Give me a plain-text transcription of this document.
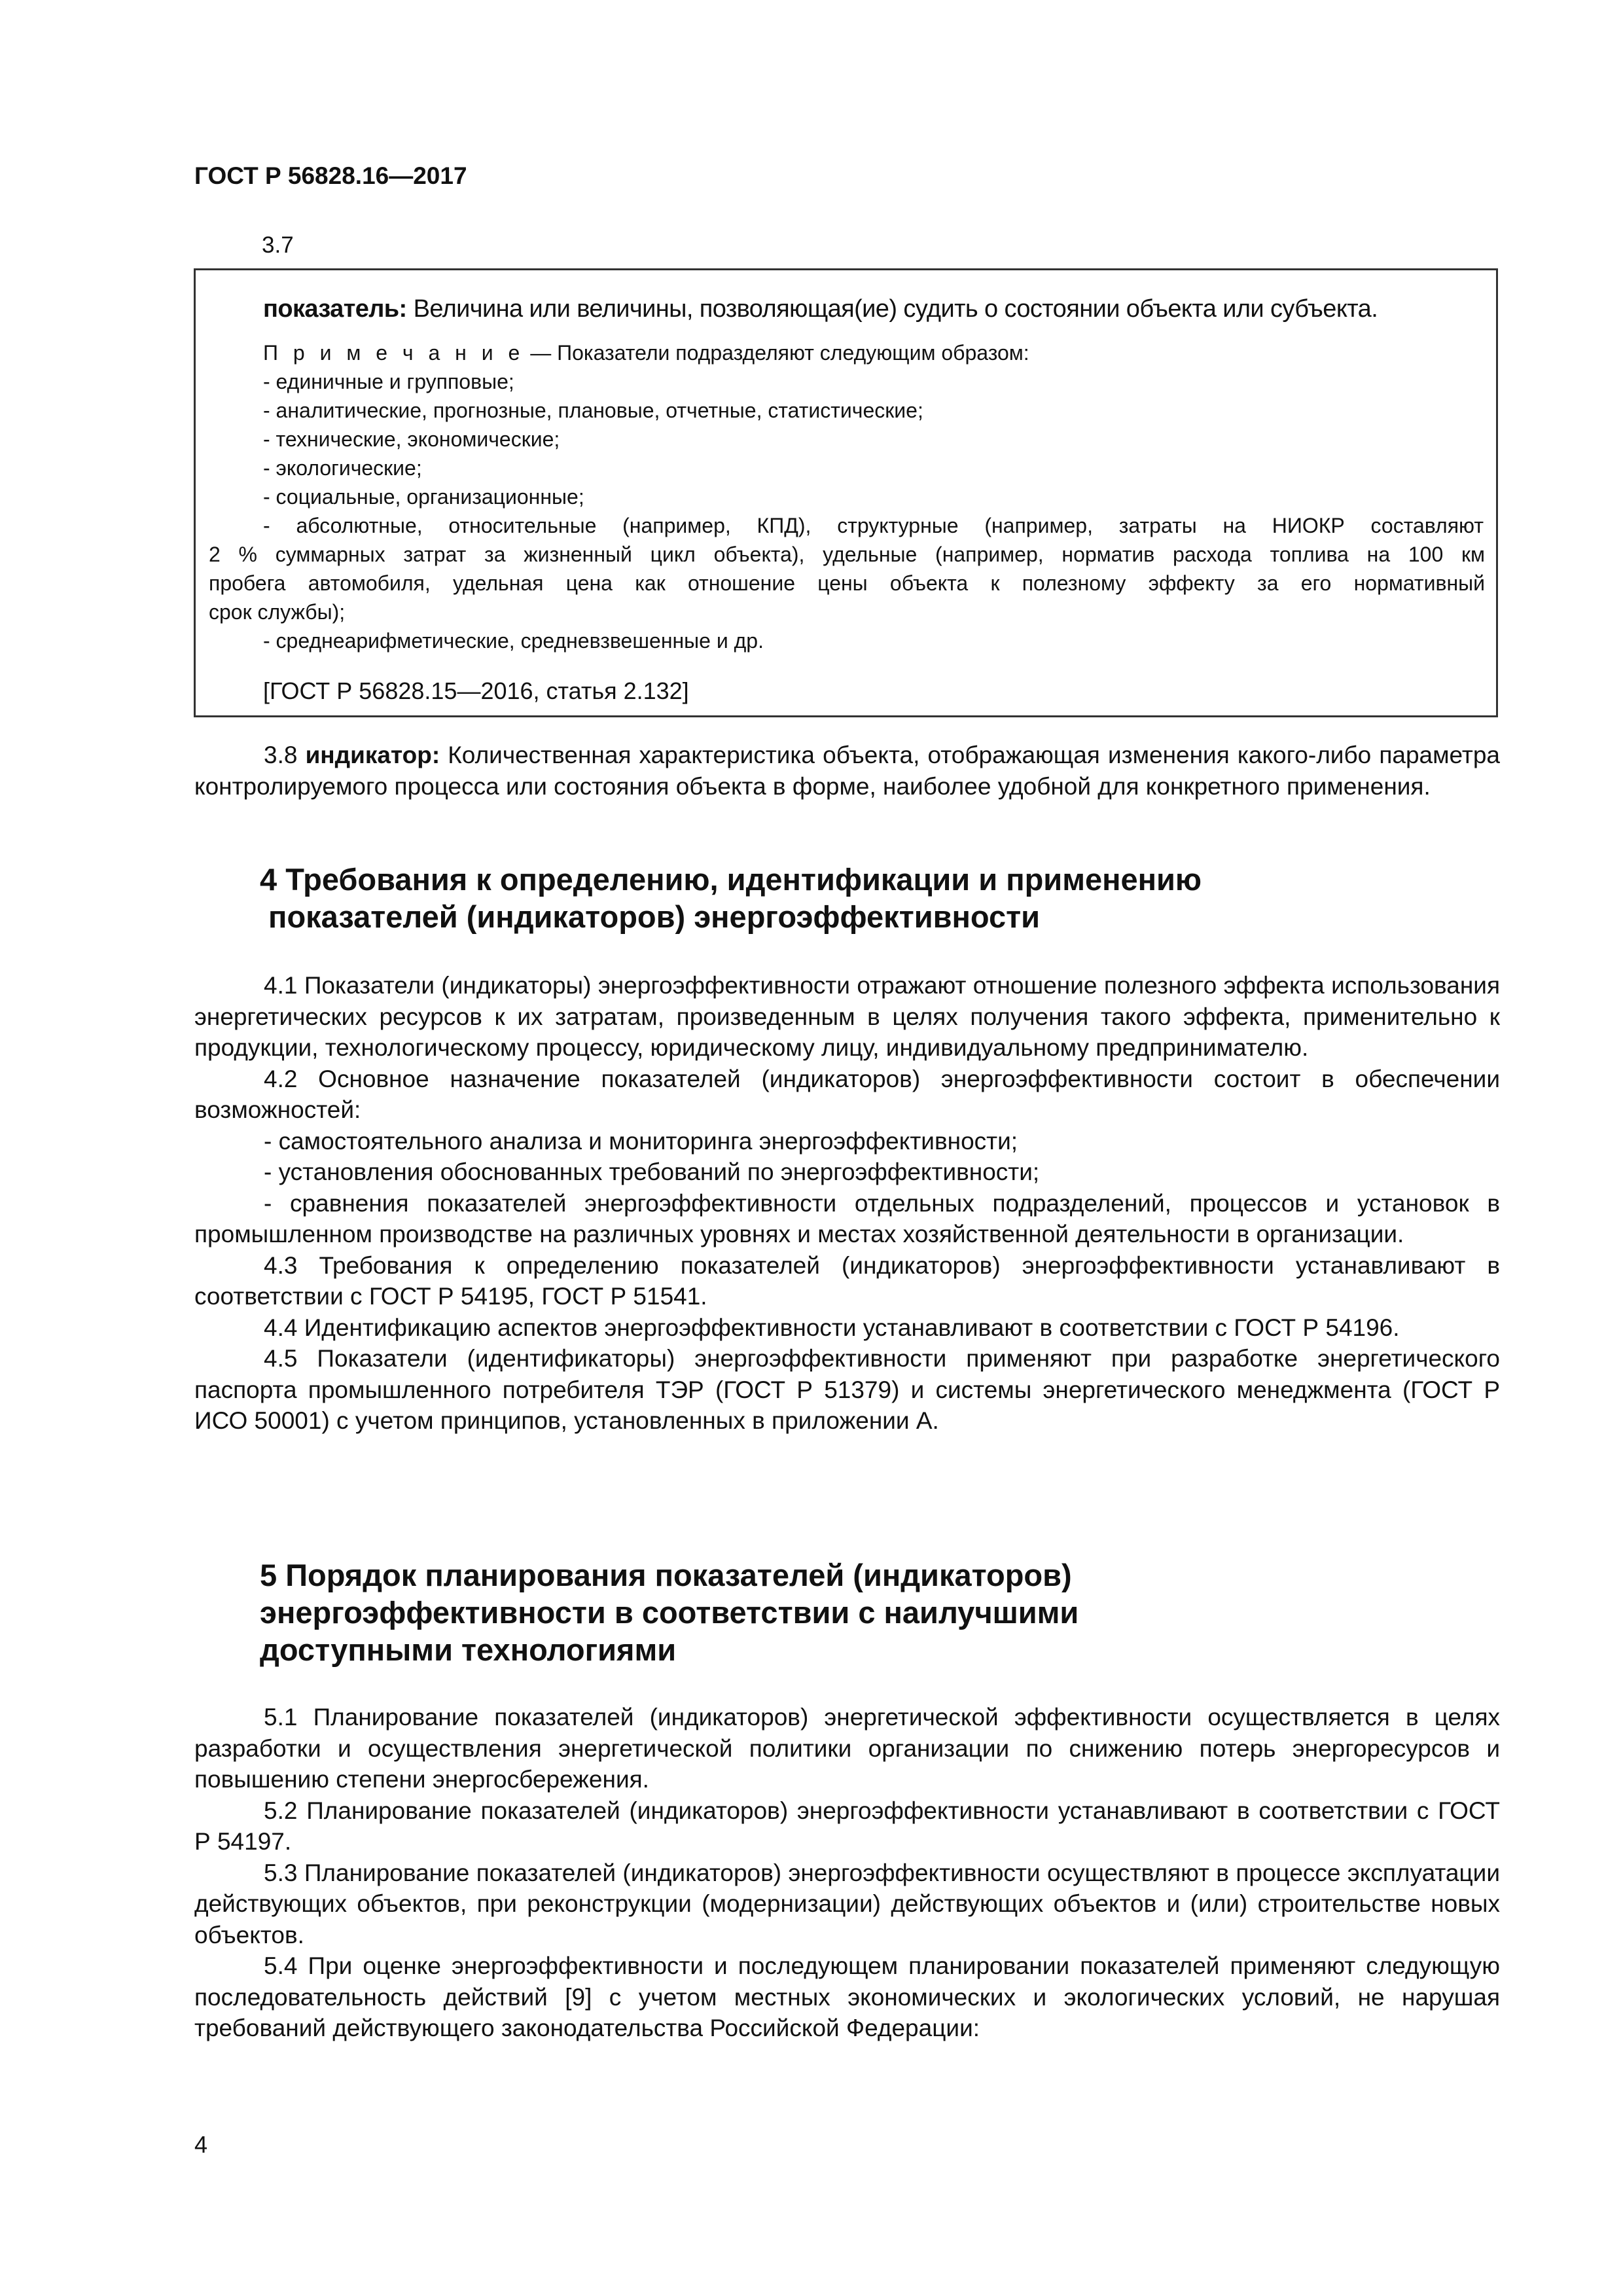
ГОСТ Р 56828.16—2017
3.7
показатель: Величина или величины, позволяющая(ие) судить о состоянии объекта или субъекта.
П р и м е ч а н и е — Показатели подразделяют следующим образом:
- единичные и групповые;
- аналитические, прогнозные, плановые, отчетные, статистические;
- технические, экономические;
- экологические;
- социальные, организационные;
- абсолютные, относительные (например, КПД), структурные (например, затраты на НИОКР составляют
2 % суммарных затрат за жизненный цикл объекта), удельные (например, норматив расхода топлива на 100 км
пробега автомобиля, удельная цена как отношение цены объекта к полезному эффекту за его нормативный
срок службы);
- среднеарифметические, средневзвешенные и др.
[ГОСТ Р 56828.15—2016, статья 2.132]

3.8 индикатор: Количественная характеристика объекта, отображающая изменения какого-либо параметра контролируемого процесса или состояния объекта в форме, наиболее удобной для конкретного применения.

4 Требования к определению, идентификации и применению
показателей (индикаторов) энергоэффективности

4.1 Показатели (индикаторы) энергоэффективности отражают отношение полезного эффекта использования энергетических ресурсов к их затратам, произведенным в целях получения такого эффекта, применительно к продукции, технологическому процессу, юридическому лицу, индивидуальному предпринимателю.

4.2 Основное назначение показателей (индикаторов) энергоэффективности состоит в обеспечении возможностей:

- самостоятельного анализа и мониторинга энергоэффективности;

- установления обоснованных требований по энергоэффективности;

- сравнения показателей энергоэффективности отдельных подразделений, процессов и установок в промышленном производстве на различных уровнях и местах хозяйственной деятельности в организации.

4.3 Требования к определению показателей (индикаторов) энергоэффективности устанавливают в соответствии с ГОСТ Р 54195, ГОСТ Р 51541.

4.4 Идентификацию аспектов энергоэффективности устанавливают в соответствии с ГОСТ Р 54196.

4.5 Показатели (идентификаторы) энергоэффективности применяют при разработке энергетического паспорта промышленного потребителя ТЭР (ГОСТ Р 51379) и системы энергетического менеджмента (ГОСТ Р ИСО 50001) с учетом принципов, установленных в приложении А.

5 Порядок планирования показателей (индикаторов)
энергоэффективности в соответствии с наилучшими
доступными технологиями

5.1 Планирование показателей (индикаторов) энергетической эффективности осуществляется в целях разработки и осуществления энергетической политики организации по снижению потерь энергоресурсов и повышению степени энергосбережения.

5.2 Планирование показателей (индикаторов) энергоэффективности устанавливают в соответствии с ГОСТ Р 54197.

5.3 Планирование показателей (индикаторов) энергоэффективности осуществляют в процессе эксплуатации действующих объектов, при реконструкции (модернизации) действующих объектов и (или) строительстве новых объектов.

5.4 При оценке энергоэффективности и последующем планировании показателей применяют следующую последовательность действий [9] с учетом местных экономических и экологических условий, не нарушая требований действующего законодательства Российской Федерации:

4
